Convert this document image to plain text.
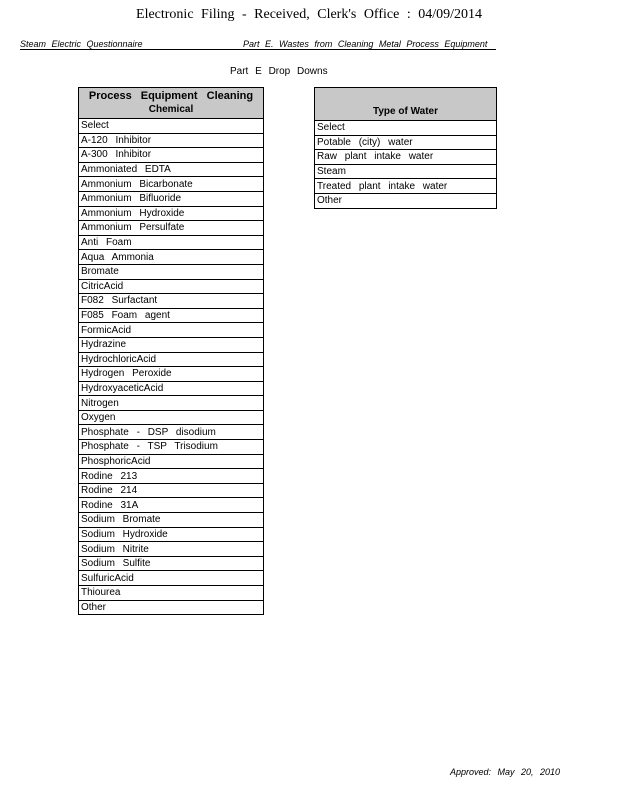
Electronic Filing - Received, Clerk's Office : 04/09/2014
Steam Electric Questionnaire	Part E. Wastes from Cleaning Metal Process Equipment
Part E Drop Downs
Process Equipment Cleaning
Chemical

Select
A-120 Inhibitor
A-300 Inhibitor
Ammoniated EDTA
Ammonium Bicarbonate
Ammonium Bifluoride
Ammonium Hydroxide
Ammonium Persulfate
Anti Foam
Aqua Ammonia
Bromate
CitricAcid
F082 Surfactant
F085 Foam agent
FormicAcid
Hydrazine
HydrochloricAcid
Hydrogen Peroxide
HydroxyaceticAcid
Nitrogen
Oxygen
Phosphate - DSP disodium
Phosphate - TSP Trisodium
PhosphoricAcid
Rodine 213
Rodine 214
Rodine 31A
Sodium Bromate
Sodium Hydroxide
Sodium Nitrite
Sodium Sulfite
SulfuricAcid
Thiourea
Other
Type of Water
Select
Potable (city) water
Raw plant intake water
Steam
Treated plant intake water
Other
Approved: May 20, 2010
